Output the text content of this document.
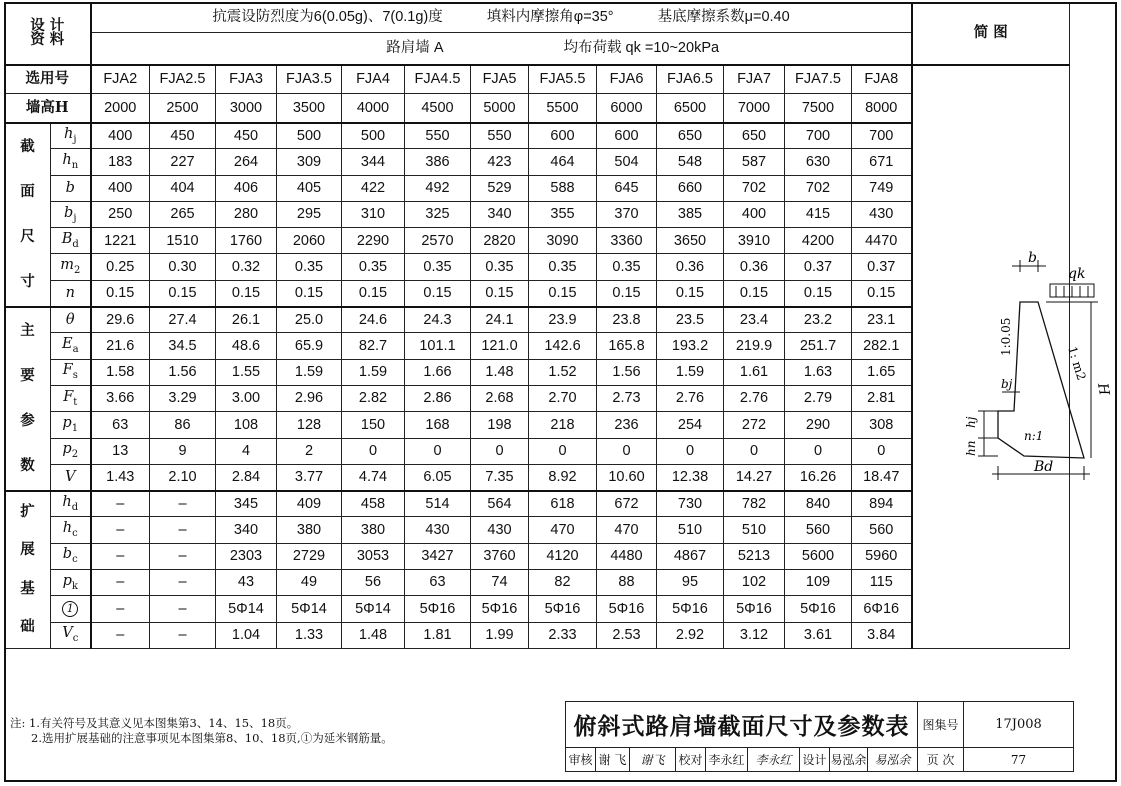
设 计
资 料		抗震设防烈度为6(0.05g)、7(0.1g)度 填料内摩擦角φ=35° 基底摩擦系数μ=0.40													简 图
		路肩墙 A 均布荷载 qk =10~20kPa													
选用号		FJA2	FJA2.5	FJA3	FJA3.5	FJA4	FJA4.5	FJA5	FJA5.5	FJA6	FJA6.5	FJA7	FJA7.5	FJA8	
墙高H		2000	2500	3000	3500	4000	4500	5000	5500	6000	6500	7000	7500	8000	

截
面
尺
寸	$h_j$	400	450	450	500	500	550	550	600	600	650	650	700	700	
	$h_n$	183	227	264	309	344	386	423	464	504	548	587	630	671	
	b	400	404	406	405	422	492	529	588	645	660	702	702	749	
	$b_j$	250	265	280	295	310	325	340	355	370	385	400	415	430	
	$B_d$	1221	1510	1760	2060	2290	2570	2820	3090	3360	3650	3910	4200	4470	
	$m_2$	0.25	0.30	0.32	0.35	0.35	0.35	0.35	0.35	0.35	0.36	0.36	0.37	0.37	
	n	0.15	0.15	0.15	0.15	0.15	0.15	0.15	0.15	0.15	0.15	0.15	0.15	0.15	

主
要
参
数	θ	29.6	27.4	26.1	25.0	24.6	24.3	24.1	23.9	23.8	23.5	23.4	23.2	23.1	
	$E_a$	21.6	34.5	48.6	65.9	82.7	101.1	121.0	142.6	165.8	193.2	219.9	251.7	282.1	
	$F_s$	1.58	1.56	1.55	1.59	1.59	1.66	1.48	1.52	1.56	1.59	1.61	1.63	1.65	
	$F_t$	3.66	3.29	3.00	2.96	2.82	2.86	2.68	2.70	2.73	2.76	2.76	2.79	2.81	
	$p_1$	63	86	108	128	150	168	198	218	236	254	272	290	308	
	$p_2$	13	9	4	2	0	0	0	0	0	0	0	0	0	
	V	1.43	2.10	2.84	3.77	4.74	6.05	7.35	8.92	10.60	12.38	14.27	16.26	18.47	

扩
展
基
础	$h_d$	–	–	345	409	458	514	564	618	672	730	782	840	894	
	$h_c$	–	–	340	380	380	430	430	470	470	510	510	560	560	
	$b_c$	–	–	2303	2729	3053	3427	3760	4120	4480	4867	5213	5600	5960	
	$p_k$	–	–	43	49	56	63	74	82	88	95	102	109	115	
	1	–	–	5Φ14	5Φ14	5Φ14	5Φ16	5Φ16	5Φ16	5Φ16	5Φ16	5Φ16	5Φ16	6Φ16	
	$V_c$	–	–	1.04	1.33	1.48	1.81	1.99	2.33	2.53	2.92	3.12	3.61	3.84	
b
qk
1:0.05
1: m2
H
bj
hj
hn
n:1
Bd
注: 1.有关符号及其意义见本图集第3、14、15、18页。
2.选用扩展基础的注意事项见本图集第8、10、18页,①为延米钢筋量。	俯斜式路肩墙截面尺寸及参数表									图集号	17J008
审核	谢 飞	谢飞	校对	李永红	李永红	设计	易泓余	易泓余	页 次	77
